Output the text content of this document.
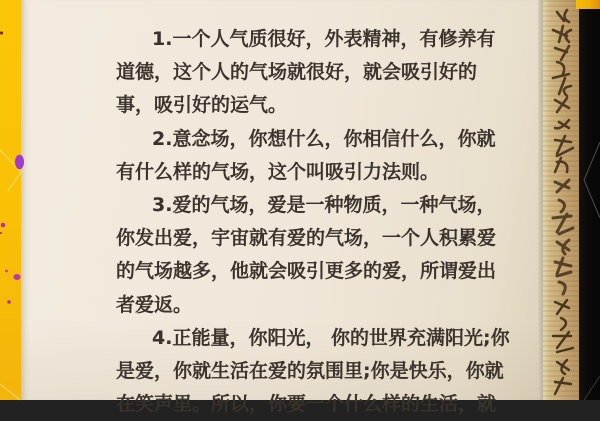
1.一个人气质很好，外表精神，有修养有
道德，这个人的气场就很好，就会吸引好的
事，吸引好的运气。
2.意念场，你想什么，你相信什么，你就
有什么样的气场，这个叫吸引力法则。
3.爱的气场，爱是一种物质，一种气场，
你发出爱，宇宙就有爱的气场，一个人积累爱
的气场越多，他就会吸引更多的爱，所谓爱出
者爱返。
4.正能量，你阳光， 你的世界充满阳光;你
是爱，你就生活在爱的氛围里;你是快乐，你就
在笑声里。所以，你要一个什么样的生活，就
